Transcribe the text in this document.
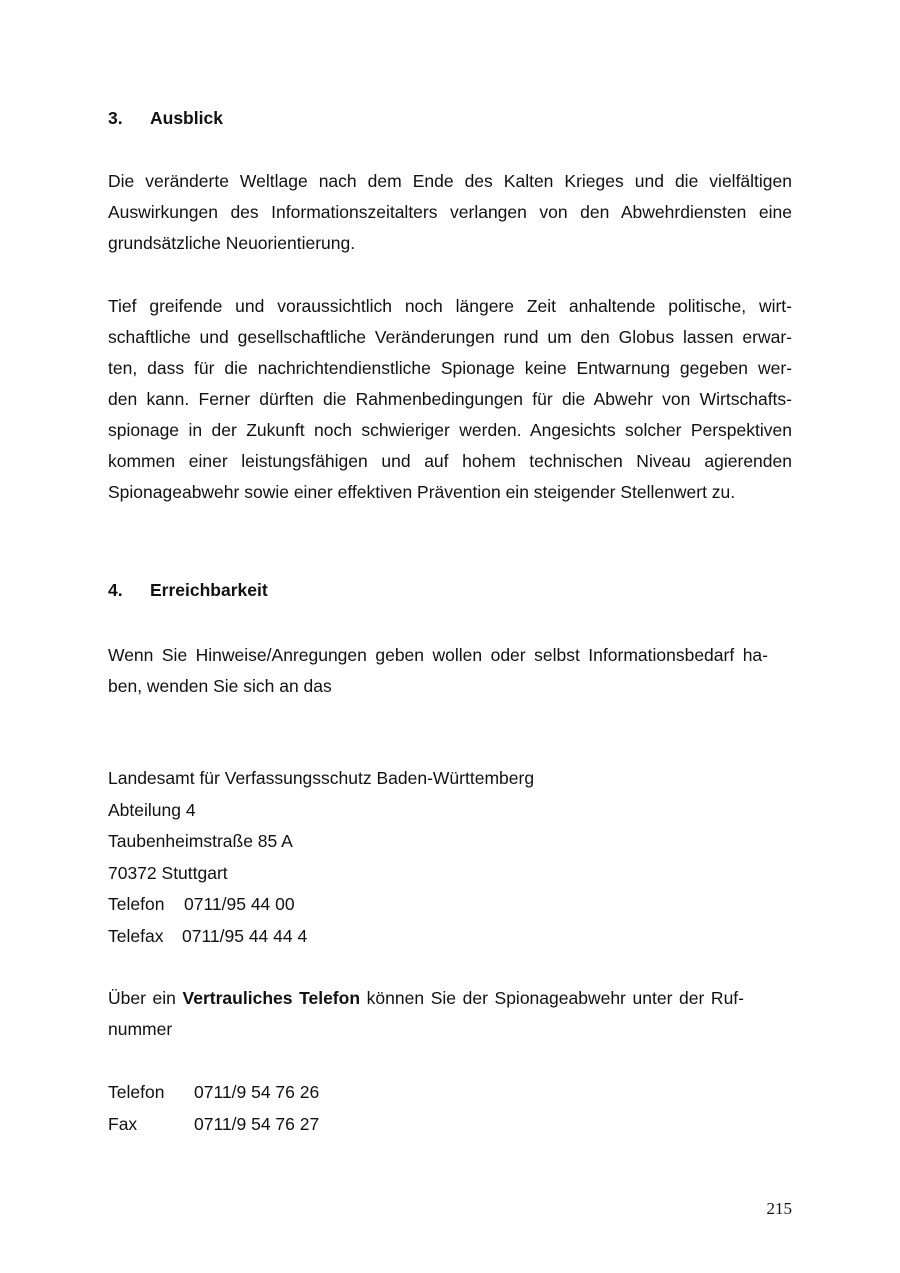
3. Ausblick

Die veränderte Weltlage nach dem Ende des Kalten Krieges und die vielfältigen
Auswirkungen des Informationszeitalters verlangen von den Abwehrdiensten eine
grundsätzliche Neuorientierung.

Tief greifende und voraussichtlich noch längere Zeit anhaltende politische, wirt-
schaftliche und gesellschaftliche Veränderungen rund um den Globus lassen erwar-
ten, dass für die nachrichtendienstliche Spionage keine Entwarnung gegeben wer-
den kann. Ferner dürften die Rahmenbedingungen für die Abwehr von Wirtschafts-
spionage in der Zukunft noch schwieriger werden. Angesichts solcher Perspektiven
kommen einer leistungsfähigen und auf hohem technischen Niveau agierenden
Spionageabwehr sowie einer effektiven Prävention ein steigender Stellenwert zu.

4. Erreichbarkeit

Wenn Sie Hinweise/Anregungen geben wollen oder selbst Informationsbedarf ha-
ben, wenden Sie sich an das

Landesamt für Verfassungsschutz Baden-Württemberg
Abteilung 4
Taubenheimstraße 85 A
70372 Stuttgart
Telefon 0711/95 44 00
Telefax 0711/95 44 44 4

Über ein Vertrauliches Telefon können Sie der Spionageabwehr unter der Ruf-
nummer

Telefon 0711/9 54 76 26
Fax	0711/9 54 76 27
215
